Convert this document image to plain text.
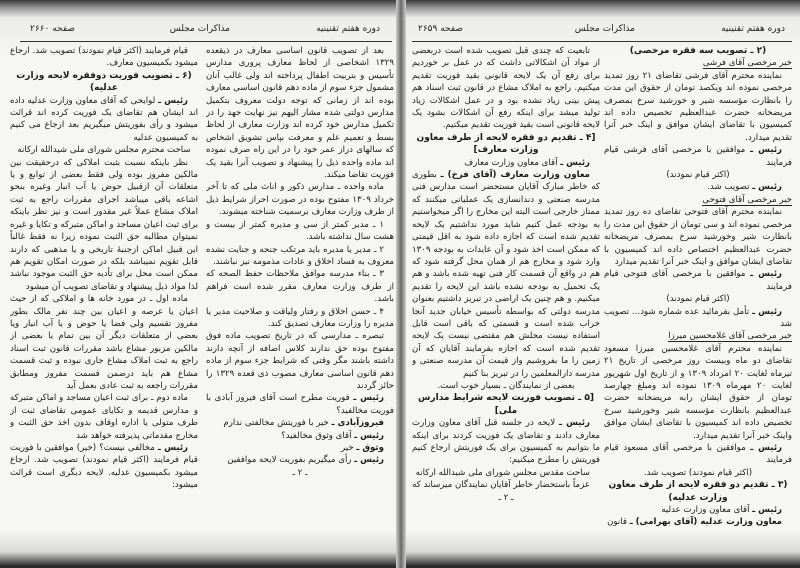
دوره هفتم تقنینیه
مذاکرات مجلس
صفحه ۲۶۶۰

بعد از تصویب قانون اساسی معارف در ذیقعده ۱۳۲۹ اشخاصی از لحاظ معارف پروری مدارس تأسیس و بتربیت اطفال پرداخته اند ولی غالب آنان مشمول جزء سوم از ماده دهم قانون اساسی معارف بوده اند از زمانی که توجه دولت معروف بتکمیل مدارس دولتی شده مشار الیهم نیز نهایت جهد را در تکمیل مدارس خود کرده اند وزارت معارف از لحاظ بسط و تعمیم علم و معرفت بپاس تشویق اشخاص که سالهای دراز عمر خود را در این راه صرف نموده اند ماده واحده ذیل را پیشنهاد و تصویب آنرا بقید یک فوریت تقاضا میکند.

ماده واحده ـ مدارس ذکور و اناث ملی که تا آخر خرداد ۱۳۰۹ مفتوح بوده در صورت احراز شرایط ذیل از طرف وزارت معارف برسمیت شناخته میشوند.

۱ ـ مدیر کمتر از سی و مدیره کمتر از بیست و هشت سال نداشته باشد.

۲ ـ مدیر یا مدیره باید مرتکب جنحه و جنایت نشده معروف به فساد اخلاق و عادات مذمومه نیز نباشند.

۳ ـ بناء مدرسه موافق ملاحظات حفظ الصحه که از طرف وزارت معارف مقرر شده است فراهم باشد.

۴ ـ حسن اخلاق و رفتار ولیاقت و صلاحیت مدیر یا مدیره را وزارت معارف تصدیق کند.

تبصره ـ مدارسی که در تاریخ تصویب ماده فوق مفتوح بوده حق ندارند کلاس اضافه از آنچه دارند داشته باشند مگر وقتی که شرایط جزء سوم از ماده دهم قانون اساسی معارف مصوب ذی قعده ۱۳۲۹ را حائز گردند

رئیس ـ فوریت مطرح است آقای فیروز آبادی با فوریت مخالفید؟

فیروزآبادی ـ خیر با فوریتش مخالفتی ندارم

رئیس ـ آقای وثوق مخالفید؟

وثوق ـ خیر

رئیس ـ رأی میگیریم بفوریت لایحه موافقین

ـ ۲ ـ

قیام فرمایند (اکثر قیام نمودند) تصویب شد. ارجاع میشود بکمیسیون معارف.

(۶ ـ تصویب فوریت دوفقره لایحه وزارت عدلیه)

رئیس ـ لوایحی که آقای معاون وزارت عدلیه داده اند ایشان هم تقاضای یک فوریت کرده اند قرائت میشود و رأی بفوریتش میگیریم بعد ارجاع می کنیم به کمیسیون عدلیه

ساحت محترم مجلس شورای ملی شیدالله ارکانه

نظر باینکه نسبت بثبت املاکی که درحقیقت بین مالکین مفروز بوده ولی فقط بعضی از توابع و یا متعلقات آن ازقبیل حوض یا آب انبار وغیره بنحو اشاعه باقی میباشد اجرای مقررات راجع به ثبت املاک مشاع عملاً غیر مقدور است و نیز نظر باینکه برای ثبت اعیان مساجد و اماکن متبرکه و تکایا و غیره نمیتوان مطالبه حق الثبت نموده زیرا نه فقط غالباً این قبیل اماکن ازجنبهٔ تاریخی و یا مذهبی که دارند قابل تقویم نمیباشد بلکه در صورت امکان تقویم هم ممکن است محل برای تأدیه حق الثبت موجود نباشد لذا مواد ذیل پیشنهاد و تقاضای تصویب آن میشود

ماده اول ـ در مورد خانه ها و املاکی که از حیث اعیان یا عرصه و اعیان بین چند نفر مالک بطور مفروز تقسیم ولی فضا یا حوض و یا آب انبار ویا بعضی از متعلقات دیگر آن بین تمام یا بعضی از مالکین مزبور مشاع باشد مقررات قانون ثبت اسناد راجع به ثبت املاک مشاع جاری نبوده و ثبت قسمت مشاع هم باید درضمن قسمت مفروز ومطابق مقررات راجعه به ثبت عادی بعمل آید

ماده دوم ـ برای ثبت اعیان مساجد و اماکن متبرکه و مدارس قدیمه و تکایای عمومی تقاضای ثبت از طرف متولی یا اداره اوقاف بدون اخذ حق الثبت و مخارج مقدماتی پذیرفته خواهد شد

رئیس ـ مخالفی نیست؟ (خیر) موافقین با فوریت قیام فرمایند (اکثر قیام نمودند) تصویب شد. ارجاع میشود بکمیسیون عدلیه. لایحه دیگری است قرائت میشود:

دوره هفتم تقنینیه
مذاکرات مجلس
صفحه ۲۶۵۹

(۲ ـ تصویب سه فقره مرخصی)

خبر مرخصی آقای فرشی

نماینده محترم آقای فرشی تقاضای ۲۱ روز تمدید مرخصی نموده اند ویکصد تومان از حقوق این مدت را بانظارت مؤسسه شیر و خورشید سرخ بمصرف مریضخانه حضرت عبدالعظیم تخصیص داده اند کمیسیون با تقاضای ایشان موافق و اینک خبر آنرا تقدیم میدارد.

رئیس ـ موافقین با مرخصی آقای فرشی قیام فرمایند

(اکثر قیام نمودند)

رئیس ـ تصویب شد.

خبر مرخصی آقای فتوحی

نماینده محترم آقای فتوحی تقاضای ده روز تمدید مرخصی نموده اند و سی تومان از حقوق این مدت را بانظارت شیر وخورشید سرخ بمصرف مریضخانه حضرت عبدالعظیم اختصاص داده اند کمیسیون با تقاضای ایشان موافق و اینک خبر آنرا تقدیم میدارد

رئیس ـ موافقین با مرخصی آقای فتوحی قیام فرمایند

(اکثر قیام نمودند)

رئیس ـ تأمل بفرمائید عده شماره شود... تصویب شد

خبر مرخصی آقای غلامحسین میرزا

نماینده محترم آقای غلامحسین میرزا مسعود تقاضای دو ماه وبیست روز مرخصی از تاریخ ۲۱ تیرماه لغایت ۲۰ امرداد ۱۳۰۹ و از تاریخ اول شهریور لغایت ۲۰ مهرماه ۱۳۰۹ نموده اند ومبلغ چهارصد تومان از حقوق ایشان رابه مریضخانه حضرت عبدالعظیم بانظارت مؤسسه شیر وخورشید سرخ تخصیص داده اند کمیسیون با تقاضای ایشان موافق واینک خبر آنرا تقدیم میدارد.

رئیس ـ موافقین با مرخصی آقای مسعود قیام فرمایند

(اکثر قیام نمودند) تصویب شد.

(۳ ـ تقدیم دو فقره لایحه از طرف معاون وزارت عدلیه)

رئیس ـ آقای معاون وزارت عدلیه

معاون وزارت عدلیه (آقای بهرامی) ـ قانون

تابعیت که چندی قبل تصویب شده است دربعضی از مواد آن اشکالاتی داشت که در عمل بر خوردیم برای رفع آن یک لایحه قانونی بقید فوریت تقدیم میکنیم. راجع به املاک مشاع در قانون ثبت اسناد هم پیش بینی زیاد نشده بود و در عمل اشکالات زیاد تولید میشد برای اینکه رفع آن اشکالات بشود یک لایحه قانونی است بقید فوریت تقدیم میکنیم.

[۴ ـ تقدیم دو فقره لایحه از طرف معاون وزارت معارف]

رئیس ـ آقای معاون وزارت معارف

معاون وزارت معارف (آقای فرخ) ـ بطوری که خاطر مبارک آقایان مستحضر است مدارس فنی مدرسه صنعتی و دندانسازی یک عملیاتی میکنند که ممتاز خارجی است البته این مخارج را اگر میخواستیم به بودجه عمل کنیم شاید مورد نداشتیم یک لایحه تقدیم شده است که اجازه داده شود به اقل قیمتی که ممکن است اخذ شود و آن عایدات به بودجه ۱۳۰۹ وارد شود و مخارج هم از همان محل گرفته شود که هم در واقع آن قسمت کار فنی تهیه شده باشد و هم یک تحمیل به بودجه نشده باشد این لایحه را تقدیم میکنیم. و هم چنین یک اراضی در تبریز داشتیم بعنوان مدرسه دولتی که بواسطه تأسیس خیابان جدید آنجا خراب شده است و قسمتی که باقی است قابل استفاده نیست محلش هم مقتضی نیست یک لایحه تقدیم شده است که اجازه بفرمایند آقایان که آن زمین را ما بفروشیم واز قیمت آن مدرسه صنعتی و مدرسه دارالمعلمین را در تبریز بنا کنیم

بعضی از نمایندگان ـ بسیار خوب است.

[۵ ـ تصویب فوریت لایحه شرایط مدارس ملی]

رئیس ـ لایحه در جلسه قبل آقای معاون وزارت معارف دادند و تقاضای یک فوریت کردند برای اینکه ما بتوانیم به کمیسیون برای یک فوریتش ارجاع کنیم فوریتش را مطرح میکنیم:

ساحت مقدس مجلس شورای ملی شیدالله ارکانه

عزماً باستحضار خاطر آقایان نمایندگان میرساند که

ـ ۲ ـ
